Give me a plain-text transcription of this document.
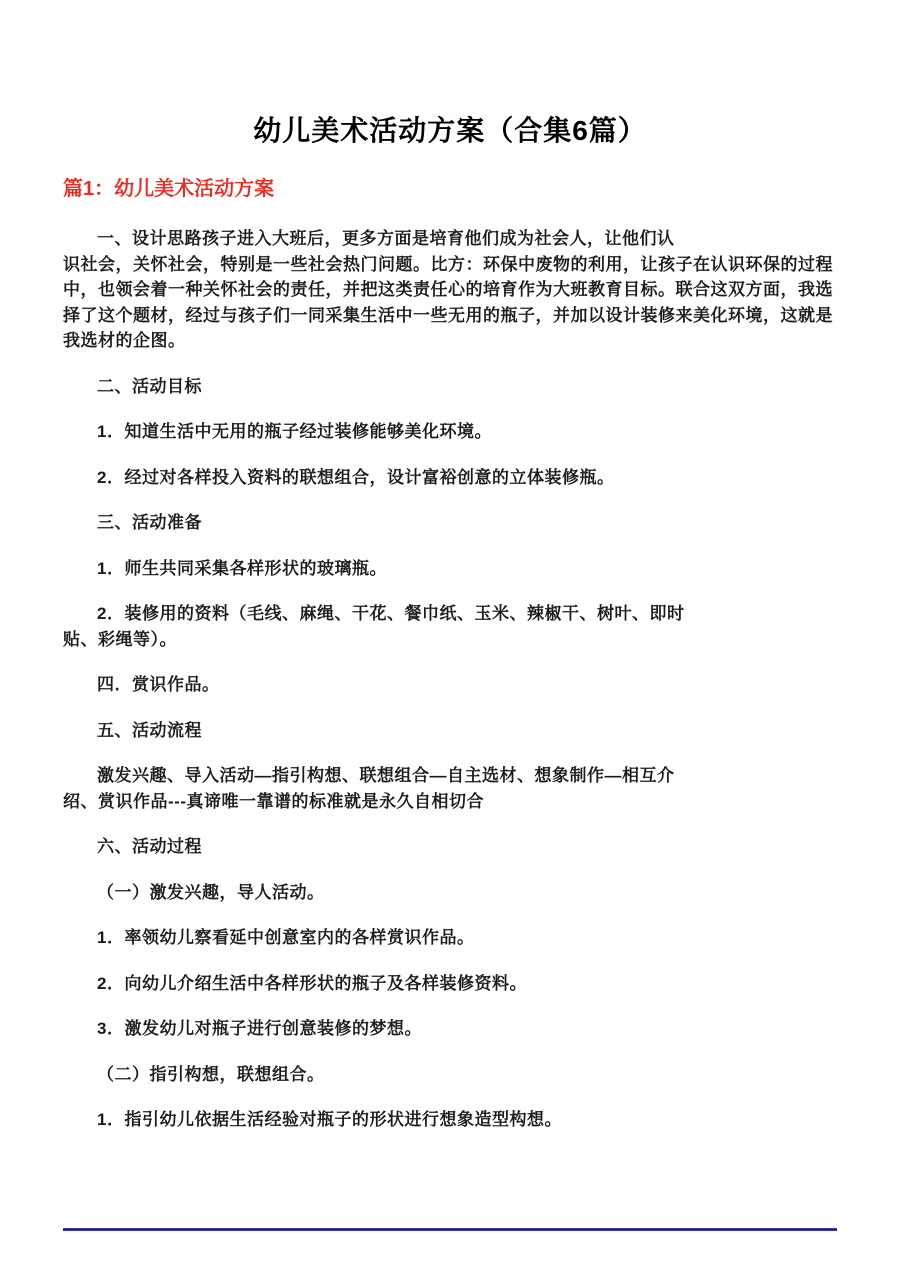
幼儿美术活动方案（合集6篇）
篇1：幼儿美术活动方案

一、设计思路孩子进入大班后，更多方面是培育他们成为社会人，让他们认
识社会，关怀社会，特别是一些社会热门问题。比方：环保中废物的利用，让孩子在认识环保的过程中，也领会着一种关怀社会的责任，并把这类责任心的培育作为大班教育目标。联合这双方面，我选择了这个题材，经过与孩子们一同采集生活中一些无用的瓶子，并加以设计装修来美化环境，这就是我选材的企图。

二、活动目标

1．知道生活中无用的瓶子经过装修能够美化环境。

2．经过对各样投入资料的联想组合，设计富裕创意的立体装修瓶。

三、活动准备

1．师生共同采集各样形状的玻璃瓶。

2．装修用的资料（毛线、麻绳、干花、餐巾纸、玉米、辣椒干、树叶、即时
贴、彩绳等）。

四．赏识作品。

五、活动流程

激发兴趣、导入活动—指引构想、联想组合—自主选材、想象制作—相互介
绍、赏识作品---真谛唯一靠谱的标准就是永久自相切合

六、活动过程

（一）激发兴趣，导人活动。

1．率领幼儿察看延中创意室内的各样赏识作品。

2．向幼儿介绍生活中各样形状的瓶子及各样装修资料。

3．激发幼儿对瓶子进行创意装修的梦想。

（二）指引构想，联想组合。

1．指引幼儿依据生活经验对瓶子的形状进行想象造型构想。
